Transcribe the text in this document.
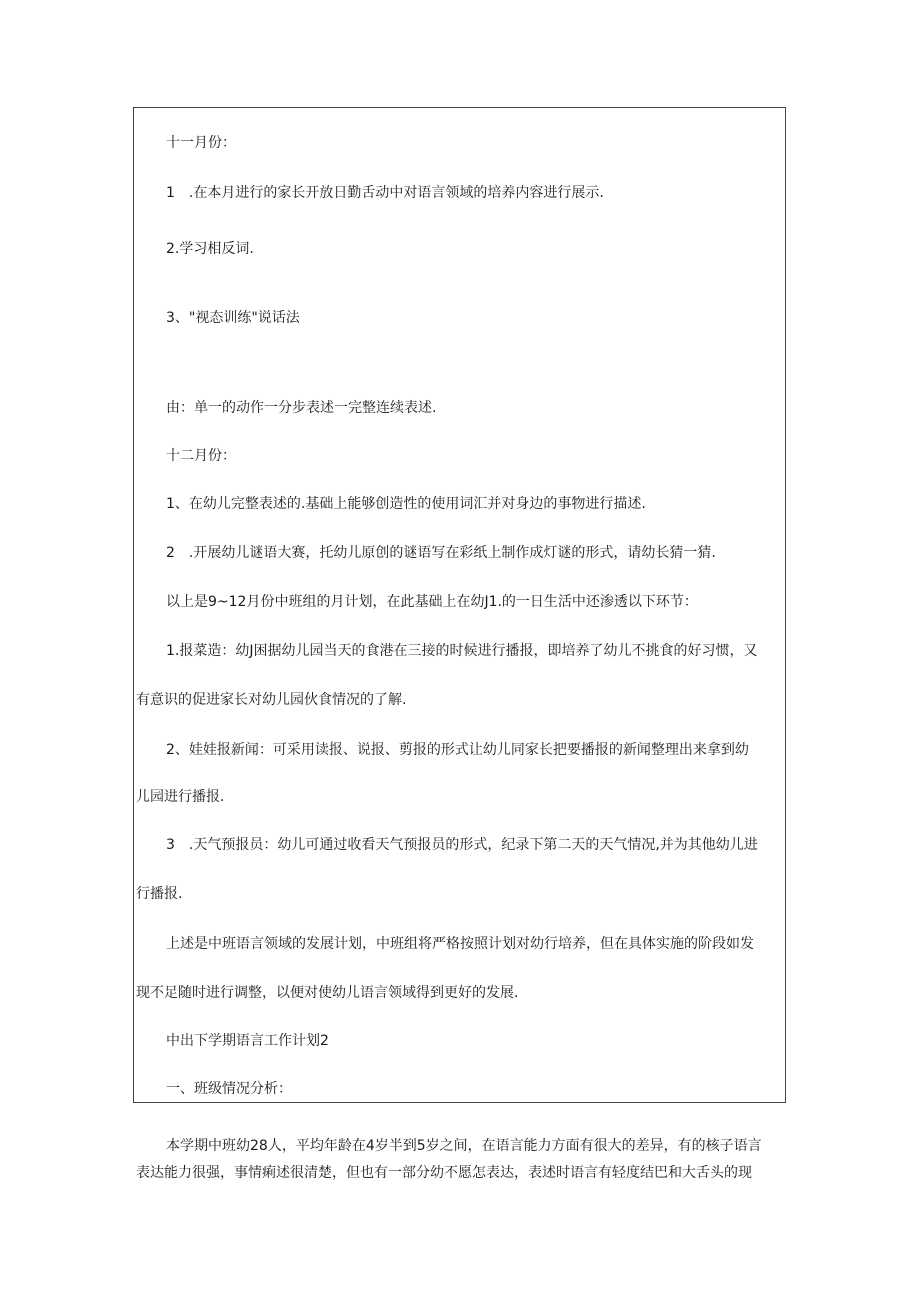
十一月份：

1　.在本月进行的家长开放日勤舌动中对语言领域的培养内容进行展示.

2.学习相反词.

3、"视态训练"说话法

由：单一的动作一分步表述一完整连续表述.

十二月份：

1、在幼儿完整表述的.基础上能够创造性的使用词汇并对身边的事物进行描述.

2　.开展幼儿谜语大赛，托幼儿原创的谜语写在彩纸上制作成灯谜的形式，请幼长猜一猜.

以上是9~12月份中班组的月计划，在此基础上在幼J1.的一日生活中还渗透以下环节：

1.报菜造：幼J困据幼儿园当天的食港在三接的时候进行播报，即培养了幼儿不挑食的好习惯，又

有意识的促进家长对幼儿园伙食情况的了解.

2、娃娃报新闻：可采用读报、说报、剪报的形式让幼儿同家长把要播报的新闻整理出来拿到幼

儿园进行播报.

3　.天气预报员：幼儿可通过收看天气预报员的形式，纪录下第二天的天气情况,并为其他幼儿进

行播报.

上述是中班语言领域的发展计划，中班组将严格按照计划对幼行培养，但在具体实施的阶段如发

现不足随时进行调整，以便对使幼儿语言领域得到更好的发展.

中出下学期语言工作计划2

一、班级情况分析：

本学期中班幼28人，平均年龄在4岁半到5岁之间，在语言能力方面有很大的差异，有的核子语言

表达能力很强，事情痢述很清楚，但也有一部分幼不愿怎表达，表述时语言有轻度结巴和大舌头的现
